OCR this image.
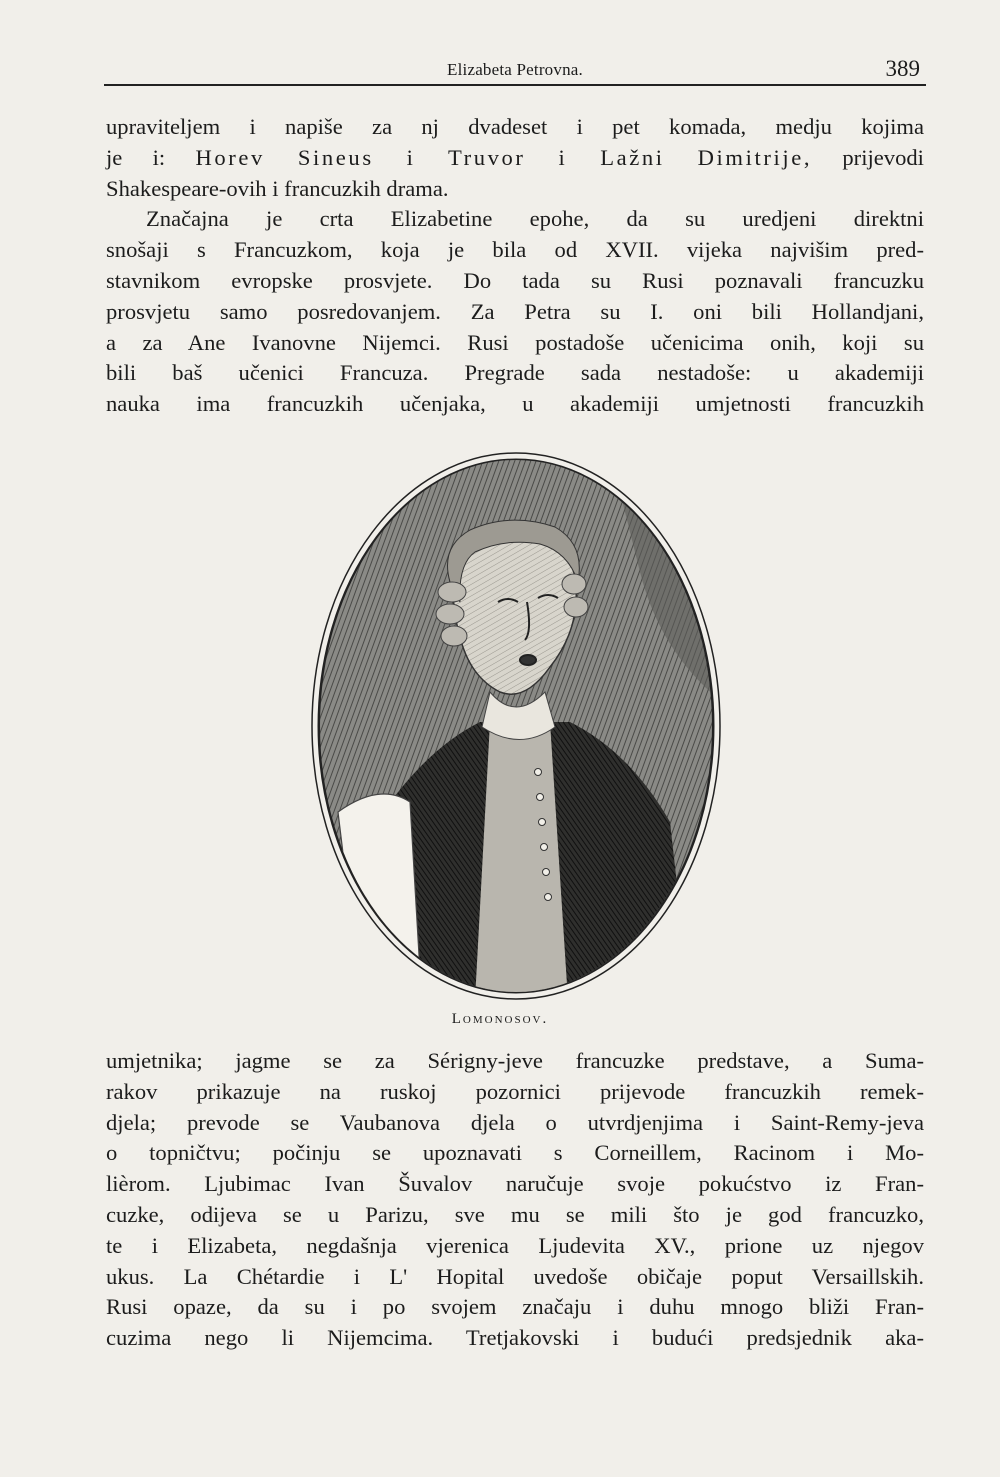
Elizabeta Petrovna.	389
upraviteljem i napiše za nj dvadeset i pet komada, medju kojima
je i: Horev Sineus i Truvor i Lažni Dimitrije, prijevodi
Shakespeare-ovih i francuzkih drama.
Značajna je crta Elizabetine epohe, da su uredjeni direktni
snošaji s Francuzkom, koja je bila od XVII. vijeka najvišim pred-
stavnikom evropske prosvjete. Do tada su Rusi poznavali francuzku
prosvjetu samo posredovanjem. Za Petra su I. oni bili Hollandjani,
a za Ane Ivanovne Nijemci. Rusi postadoše učenicima onih, koji su
bili baš učenici Francuza. Pregrade sada nestadoše: u akademiji
nauka ima francuzkih učenjaka, u akademiji umjetnosti francuzkih
Lomonosov.
umjetnika; jagme se za Sérigny-jeve francuzke predstave, a Suma-
rakov prikazuje na ruskoj pozornici prijevode francuzkih remek-
djela; prevode se Vaubanova djela o utvrdjenjima i Saint-Remy-jeva
o topničtvu; počinju se upoznavati s Corneillem, Racinom i Mo-
lièrom. Ljubimac Ivan Šuvalov naručuje svoje pokućstvo iz Fran-
cuzke, odijeva se u Parizu, sve mu se mili što je god francuzko,
te i Elizabeta, negdašnja vjerenica Ljudevita XV., prione uz njegov
ukus. La Chétardie i L' Hopital uvedoše običaje poput Versaillskih.
Rusi opaze, da su i po svojem značaju i duhu mnogo bliži Fran-
cuzima nego li Nijemcima. Tretjakovski i budući predsjednik aka-
